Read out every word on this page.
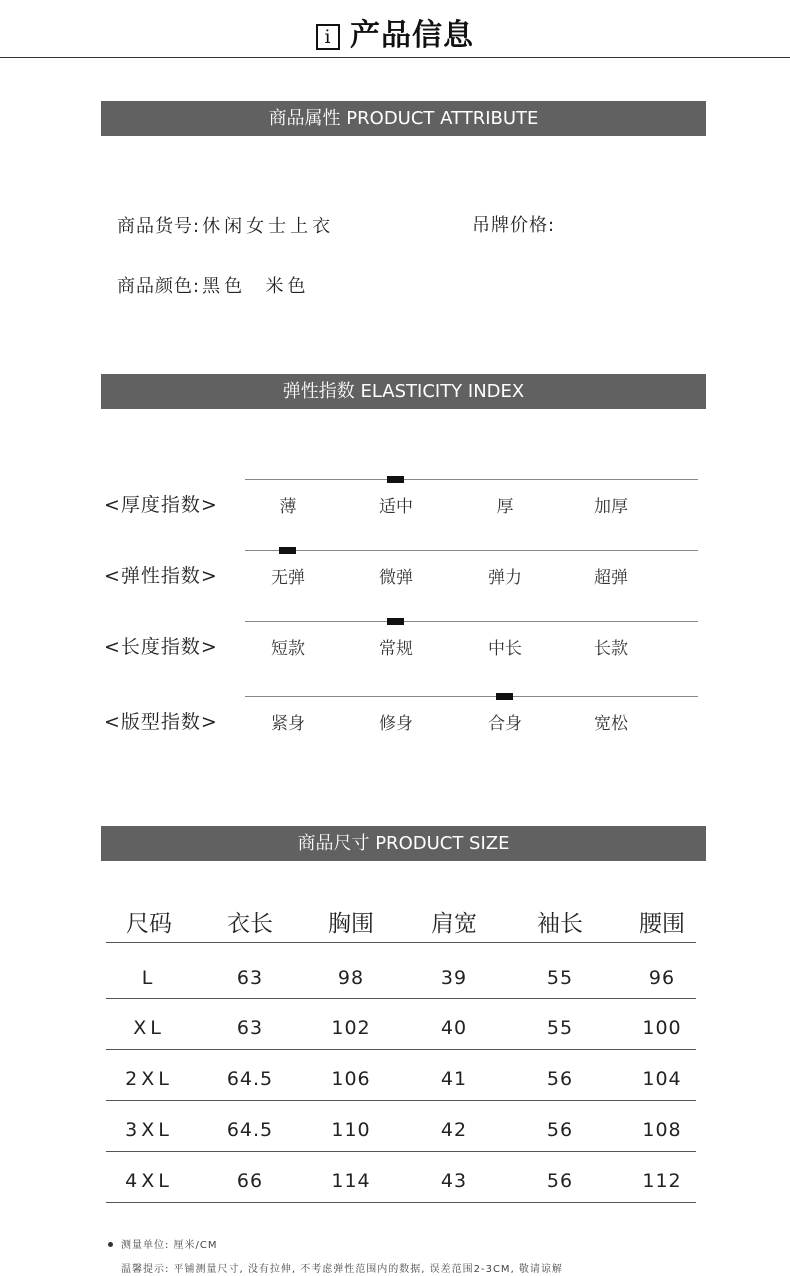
i 产品信息
商品属性 PRODUCT ATTRIBUTE
商品货号: 休闲女士上衣	吊牌价格:
商品颜色: 黑色  米色
弹性指数 ELASTICITY INDEX
<厚度指数>	薄	适中	厚	加厚
<弹性指数>	无弹	微弹	弹力	超弹
<长度指数>	短款	常规	中长	长款
<版型指数>	紧身	修身	合身	宽松
商品尺寸 PRODUCT SIZE
尺码	衣长	胸围	肩宽	袖长	腰围
L	63	98	39	55	96
XL	63	102	40	55	100
2XL	64.5	106	41	56	104
3XL	64.5	110	42	56	108
4XL	66	114	43	56	112
测量单位: 厘米/CM
温馨提示: 平铺测量尺寸, 没有拉伸, 不考虑弹性范围内的数据, 误差范围2-3CM, 敬请谅解
